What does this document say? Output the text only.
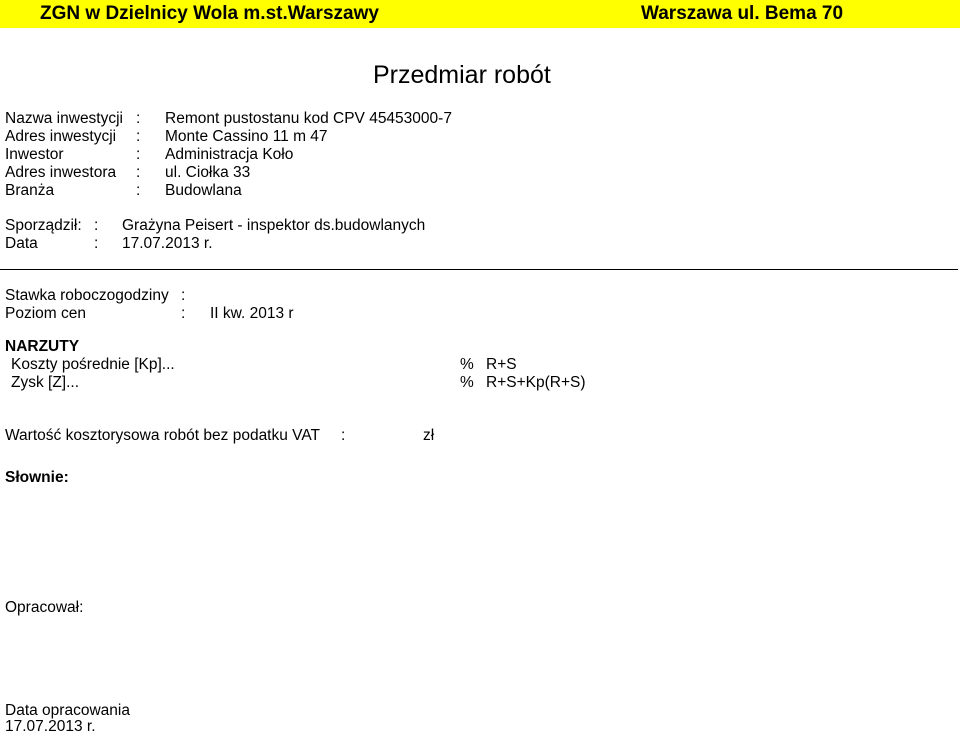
ZGN w Dzielnicy Wola m.st.Warszawy	Warszawa ul. Bema 70
Przedmiar robót
Nazwa inwestycji : Remont pustostanu kod CPV 45453000-7
Adres inwestycji : Monte Cassino 11 m 47
Inwestor	: Administracja Koło
Adres inwestora : ul. Ciołka 33
Branża	: Budowlana
Sporządził: : Grażyna Peisert - inspektor ds.budowlanych
Data	: 17.07.2013 r.
Stawka roboczogodziny :
Poziom cen	: II kw. 2013 r
NARZUTY
Koszty pośrednie [Kp]...	% R+S
Zysk [Z]...	% R+S+Kp(R+S)
Wartość kosztorysowa robót bez podatku VAT :	zł
Słownie:
Opracował:
Data opracowania
17.07.2013 r.
